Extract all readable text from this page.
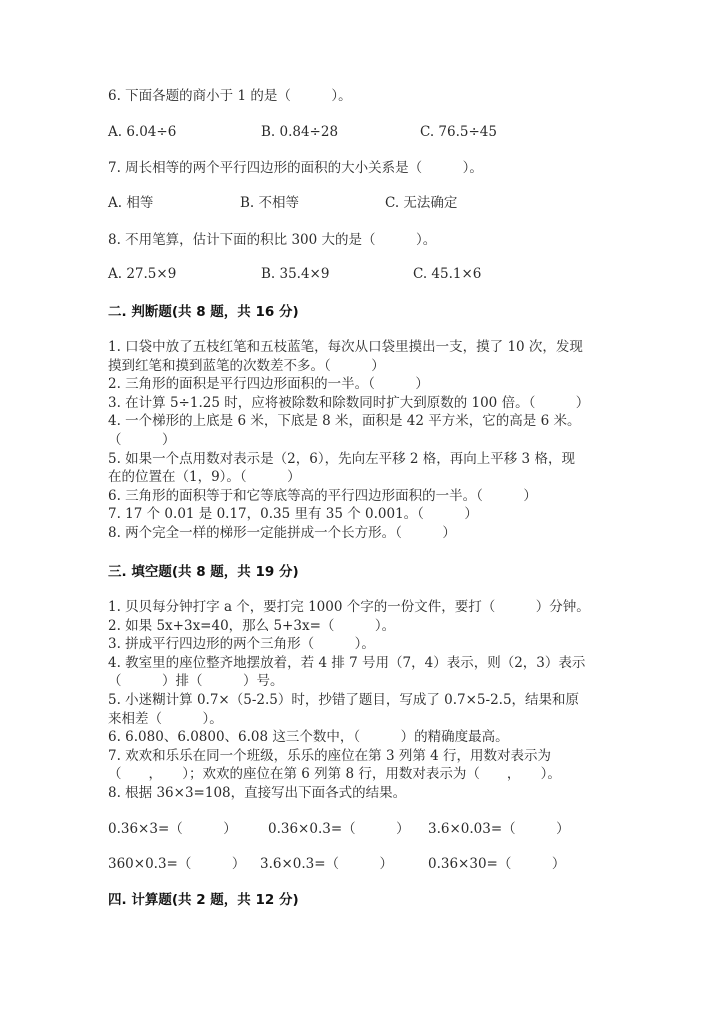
6. 下面各题的商小于 1 的是（　　　）。
A. 6.04÷6	B. 0.84÷28	C. 76.5÷45
7. 周长相等的两个平行四边形的面积的大小关系是（　　　）。
A. 相等	B. 不相等	C. 无法确定
8. 不用笔算，估计下面的积比 300 大的是（　　　）。
A. 27.5×9	B. 35.4×9	C. 45.1×6
二. 判断题(共 8 题，共 16 分)
1. 口袋中放了五枝红笔和五枝蓝笔，每次从口袋里摸出一支，摸了 10 次，发现
摸到红笔和摸到蓝笔的次数差不多。（　　　）
2. 三角形的面积是平行四边形面积的一半。（　　　）
3. 在计算 5÷1.25 时，应将被除数和除数同时扩大到原数的 100 倍。（　　　）
4. 一个梯形的上底是 6 米，下底是 8 米，面积是 42 平方米，它的高是 6 米。
（　　　）
5. 如果一个点用数对表示是（2，6），先向左平移 2 格，再向上平移 3 格，现
在的位置在（1，9）。（　　　）
6. 三角形的面积等于和它等底等高的平行四边形面积的一半。（　　　）
7. 17 个 0.01 是 0.17，0.35 里有 35 个 0.001。（　　　）
8. 两个完全一样的梯形一定能拼成一个长方形。（　　　）
三. 填空题(共 8 题，共 19 分)
1. 贝贝每分钟打字 a 个，要打完 1000 个字的一份文件，要打（　　　）分钟。
2. 如果 5x+3x=40，那么 5+3x=（　　　）。
3. 拼成平行四边形的两个三角形（　　　）。
4. 教室里的座位整齐地摆放着，若 4 排 7 号用（7，4）表示，则（2，3）表示
（　　　）排（　　　）号。
5. 小迷糊计算 0.7×（5-2.5）时，抄错了题目，写成了 0.7×5-2.5，结果和原
来相差（　　　）。
6. 6.080、6.0800、6.08 这三个数中，（　　　）的精确度最高。
7. 欢欢和乐乐在同一个班级，乐乐的座位在第 3 列第 4 行，用数对表示为
（　　，　　）；欢欢的座位在第 6 列第 8 行，用数对表示为（　　，　　）。
8. 根据 36×3=108，直接写出下面各式的结果。
0.36×3=（　　　） 0.36×0.3=（　　　） 3.6×0.03=（　　　）
360×0.3=（　　　） 3.6×0.3=（　　　）	0.36×30=（　　　）
四. 计算题(共 2 题，共 12 分)
